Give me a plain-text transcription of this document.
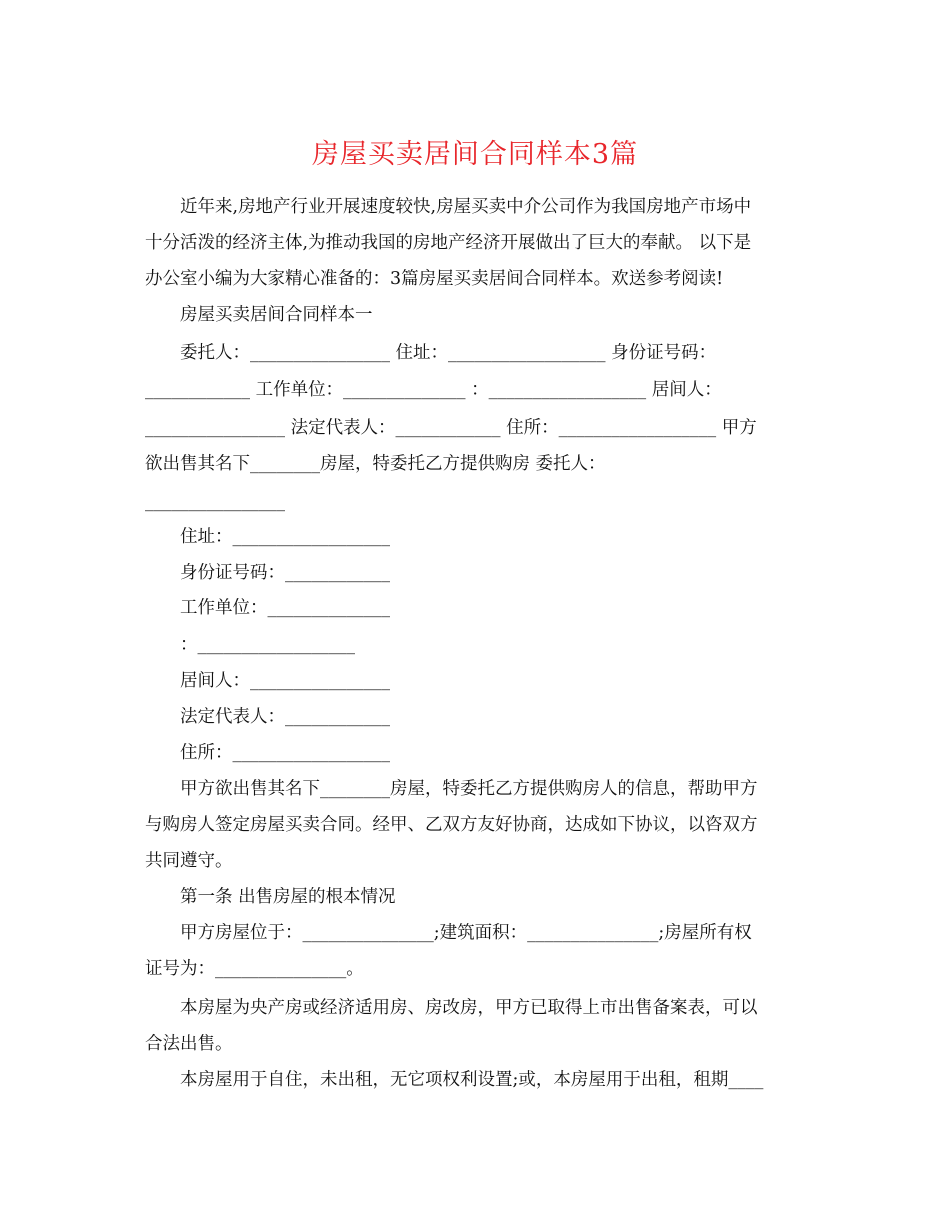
房屋买卖居间合同样本3篇
近年来,房地产行业开展速度较快,房屋买卖中介公司作为我国房地产市场中
十分活泼的经济主体,为推动我国的房地产经济开展做出了巨大的奉献。 以下是
办公室小编为大家精心准备的：3篇房屋买卖居间合同样本。欢送参考阅读!
房屋买卖居间合同样本一
委托人：________________ 住址：__________________ 身份证号码：
____________ 工作单位：______________ ：__________________ 居间人：
________________ 法定代表人：____________ 住所：__________________ 甲方
欲出售其名下________房屋，特委托乙方提供购房 委托人：
________________
住址：__________________
身份证号码：____________
工作单位：______________
：__________________
居间人：________________
法定代表人：____________
住所：__________________
甲方欲出售其名下________房屋，特委托乙方提供购房人的信息，帮助甲方
与购房人签定房屋买卖合同。经甲、乙双方友好协商，达成如下协议，以咨双方
共同遵守。
第一条 出售房屋的根本情况
甲方房屋位于：_______________;建筑面积：_______________;房屋所有权
证号为：_______________。
本房屋为央产房或经济适用房、房改房，甲方已取得上市出售备案表，可以
合法出售。
本房屋用于自住，未出租，无它项权利设置;或，本房屋用于出租，租期____
